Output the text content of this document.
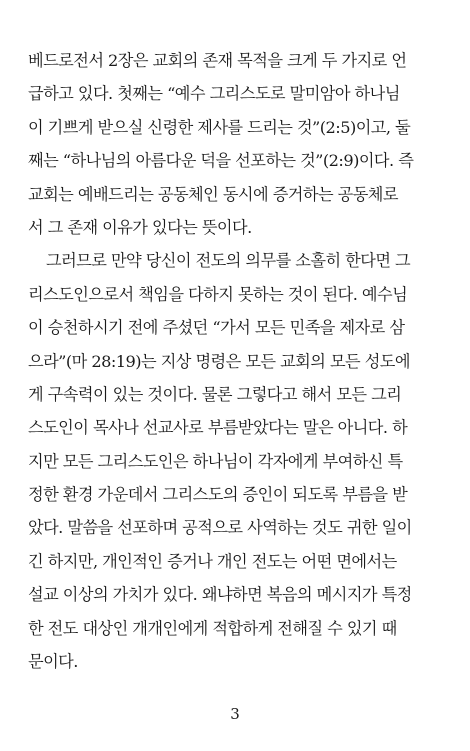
베드로전서 2장은 교회의 존재 목적을 크게 두 가지로 언
급하고 있다. 첫째는 “예수 그리스도로 말미암아 하나님
이 기쁘게 받으실 신령한 제사를 드리는 것”(2:5)이고, 둘
째는 “하나님의 아름다운 덕을 선포하는 것”(2:9)이다. 즉
교회는 예배드리는 공동체인 동시에 증거하는 공동체로
서 그 존재 이유가 있다는 뜻이다.
그러므로 만약 당신이 전도의 의무를 소홀히 한다면 그
리스도인으로서 책임을 다하지 못하는 것이 된다. 예수님
이 승천하시기 전에 주셨던 “가서 모든 민족을 제자로 삼
으라”(마 28:19)는 지상 명령은 모든 교회의 모든 성도에
게 구속력이 있는 것이다. 물론 그렇다고 해서 모든 그리
스도인이 목사나 선교사로 부름받았다는 말은 아니다. 하
지만 모든 그리스도인은 하나님이 각자에게 부여하신 특
정한 환경 가운데서 그리스도의 증인이 되도록 부름을 받
았다. 말씀을 선포하며 공적으로 사역하는 것도 귀한 일이
긴 하지만, 개인적인 증거나 개인 전도는 어떤 면에서는
설교 이상의 가치가 있다. 왜냐하면 복음의 메시지가 특정
한 전도 대상인 개개인에게 적합하게 전해질 수 있기 때
문이다.
3
